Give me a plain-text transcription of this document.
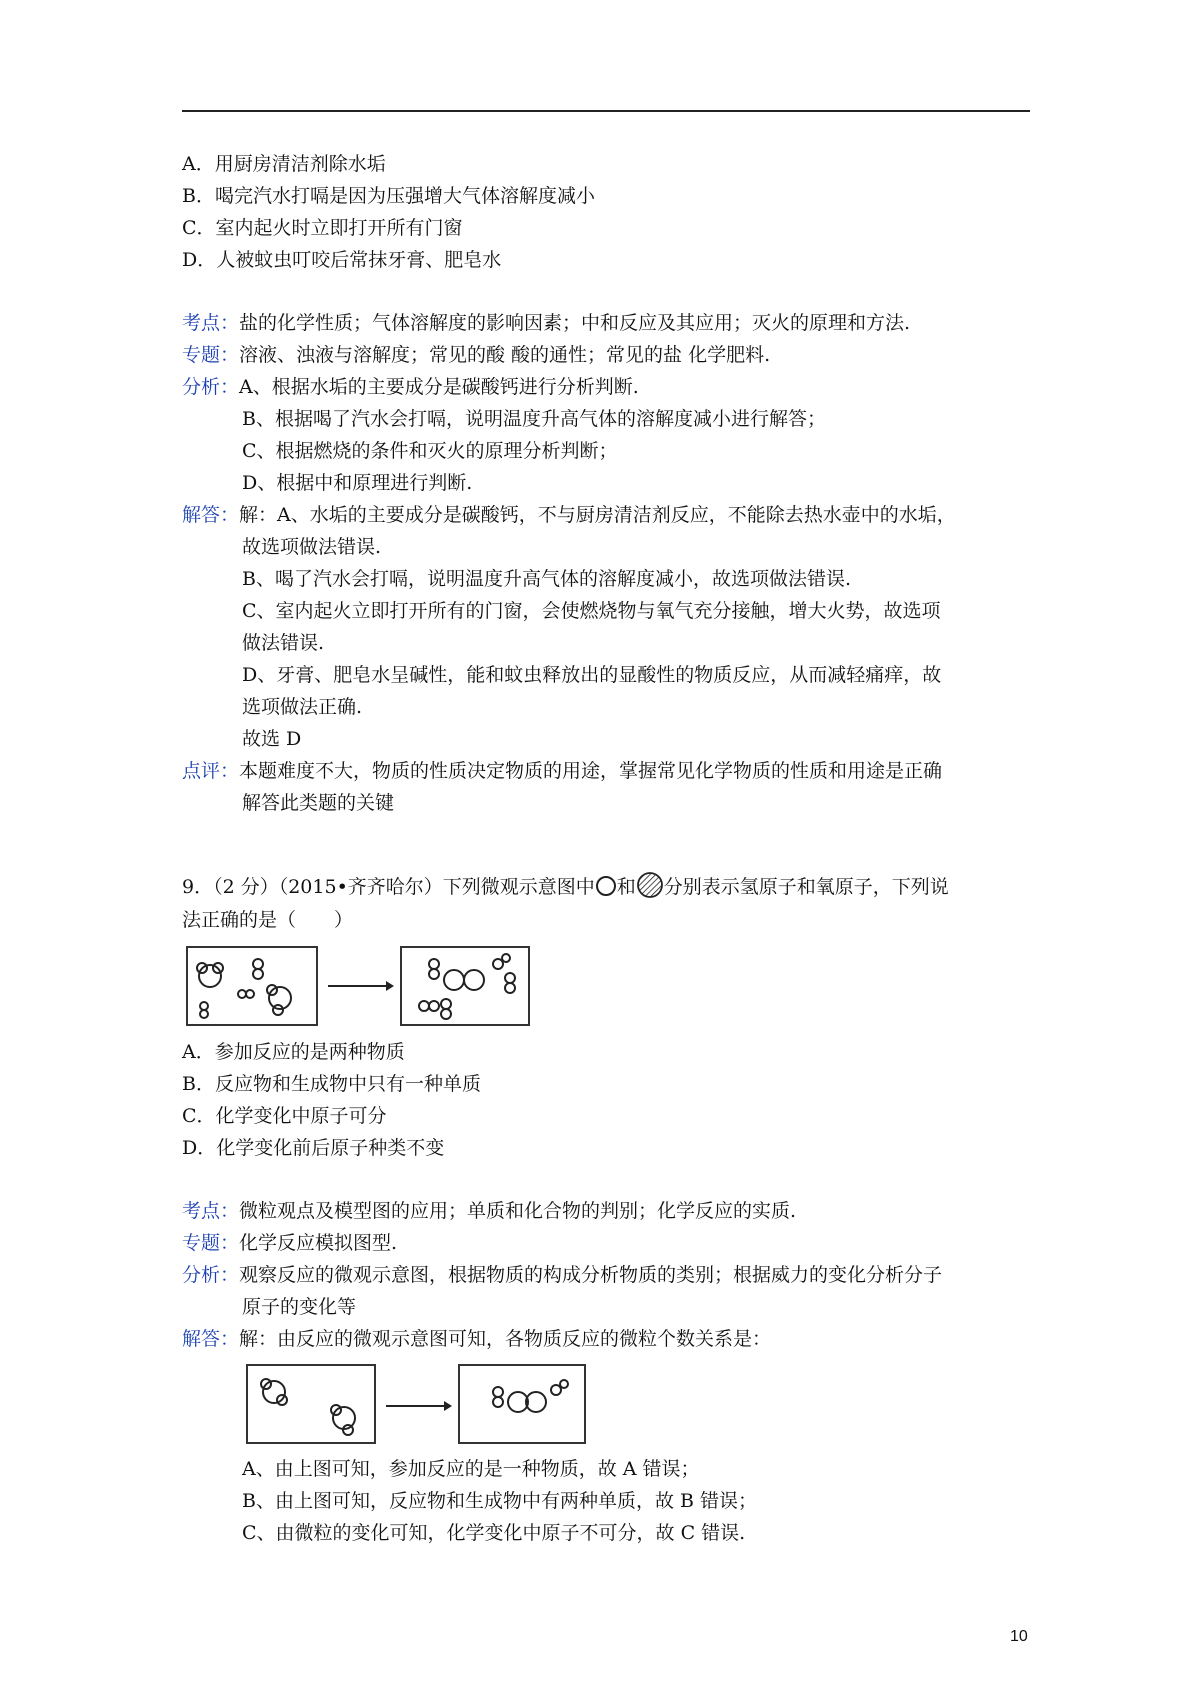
A．用厨房清洁剂除水垢
B．喝完汽水打嗝是因为压强增大气体溶解度减小
C．室内起火时立即打开所有门窗
D．人被蚊虫叮咬后常抹牙膏、肥皂水
考点：盐的化学性质；气体溶解度的影响因素；中和反应及其应用；灭火的原理和方法.
专题：溶液、浊液与溶解度；常见的酸 酸的通性；常见的盐 化学肥料.
分析：A、根据水垢的主要成分是碳酸钙进行分析判断.
B、根据喝了汽水会打嗝，说明温度升高气体的溶解度减小进行解答；
C、根据燃烧的条件和灭火的原理分析判断；
D、根据中和原理进行判断.
解答：解：A、水垢的主要成分是碳酸钙，不与厨房清洁剂反应，不能除去热水壶中的水垢，
故选项做法错误.
B、喝了汽水会打嗝，说明温度升高气体的溶解度减小，故选项做法错误.
C、室内起火立即打开所有的门窗，会使燃烧物与氧气充分接触，增大火势，故选项
做法错误.
D、牙膏、肥皂水呈碱性，能和蚊虫释放出的显酸性的物质反应，从而减轻痛痒，故
选项做法正确.
故选 D
点评：本题难度不大，物质的性质决定物质的用途，掌握常见化学物质的性质和用途是正确
解答此类题的关键
9．（2 分）（2015•齐齐哈尔）下列微观示意图中 和 分别表示氢原子和氧原子，下列说
法正确的是（　　）
A．参加反应的是两种物质
B．反应物和生成物中只有一种单质
C．化学变化中原子可分
D．化学变化前后原子种类不变
考点：微粒观点及模型图的应用；单质和化合物的判别；化学反应的实质.
专题：化学反应模拟图型.
分析：观察反应的微观示意图，根据物质的构成分析物质的类别；根据威力的变化分析分子
原子的变化等
解答：解：由反应的微观示意图可知，各物质反应的微粒个数关系是：
A、由上图可知，参加反应的是一种物质，故 A 错误；
B、由上图可知，反应物和生成物中有两种单质，故 B 错误；
C、由微粒的变化可知，化学变化中原子不可分，故 C 错误.
10
